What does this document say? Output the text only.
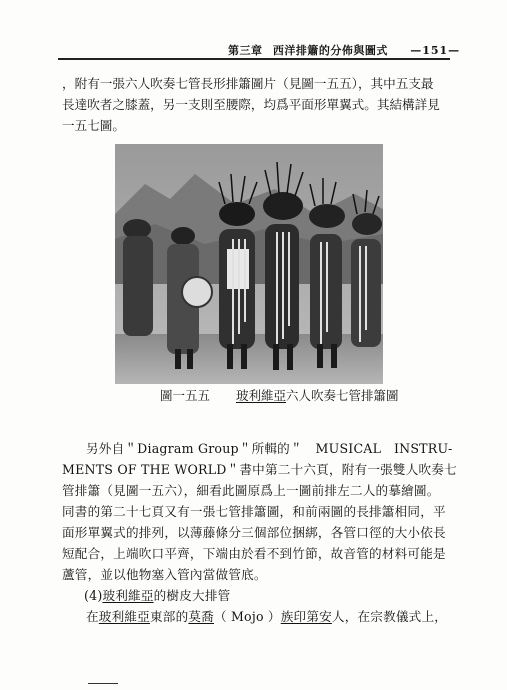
第三章 西洋排簫的分佈與圖式 —151—

，附有一張六人吹奏七管長形排簫圖片（見圖一五五），其中五支最

長達吹者之膝蓋，另一支則至腰際，均爲平面形單翼式。其結構詳見

一五七圖。

圖一五五 玻利維亞六人吹奏七管排簫圖

另外自＂Diagram Group＂所輯的＂　MUSICAL　INSTRU-

MENTS OF THE WORLD＂書中第二十六頁，附有一張雙人吹奏七

管排簫（見圖一五六），細看此圖原爲上一圖前排左二人的摹繪圖。

同書的第二十七頁又有一張七管排簫圖，和前兩圖的長排簫相同，平

面形單翼式的排列，以薄藤條分三個部位捆綁，各管口徑的大小依長

短配合，上端吹口平齊，下端由於看不到竹節，故音管的材料可能是

蘆管，並以他物塞入管內當做管底。

(4)玻利維亞的樹皮大排管

在玻利維亞東部的莫喬（ Mojo ）族印第安人，在宗教儀式上，
